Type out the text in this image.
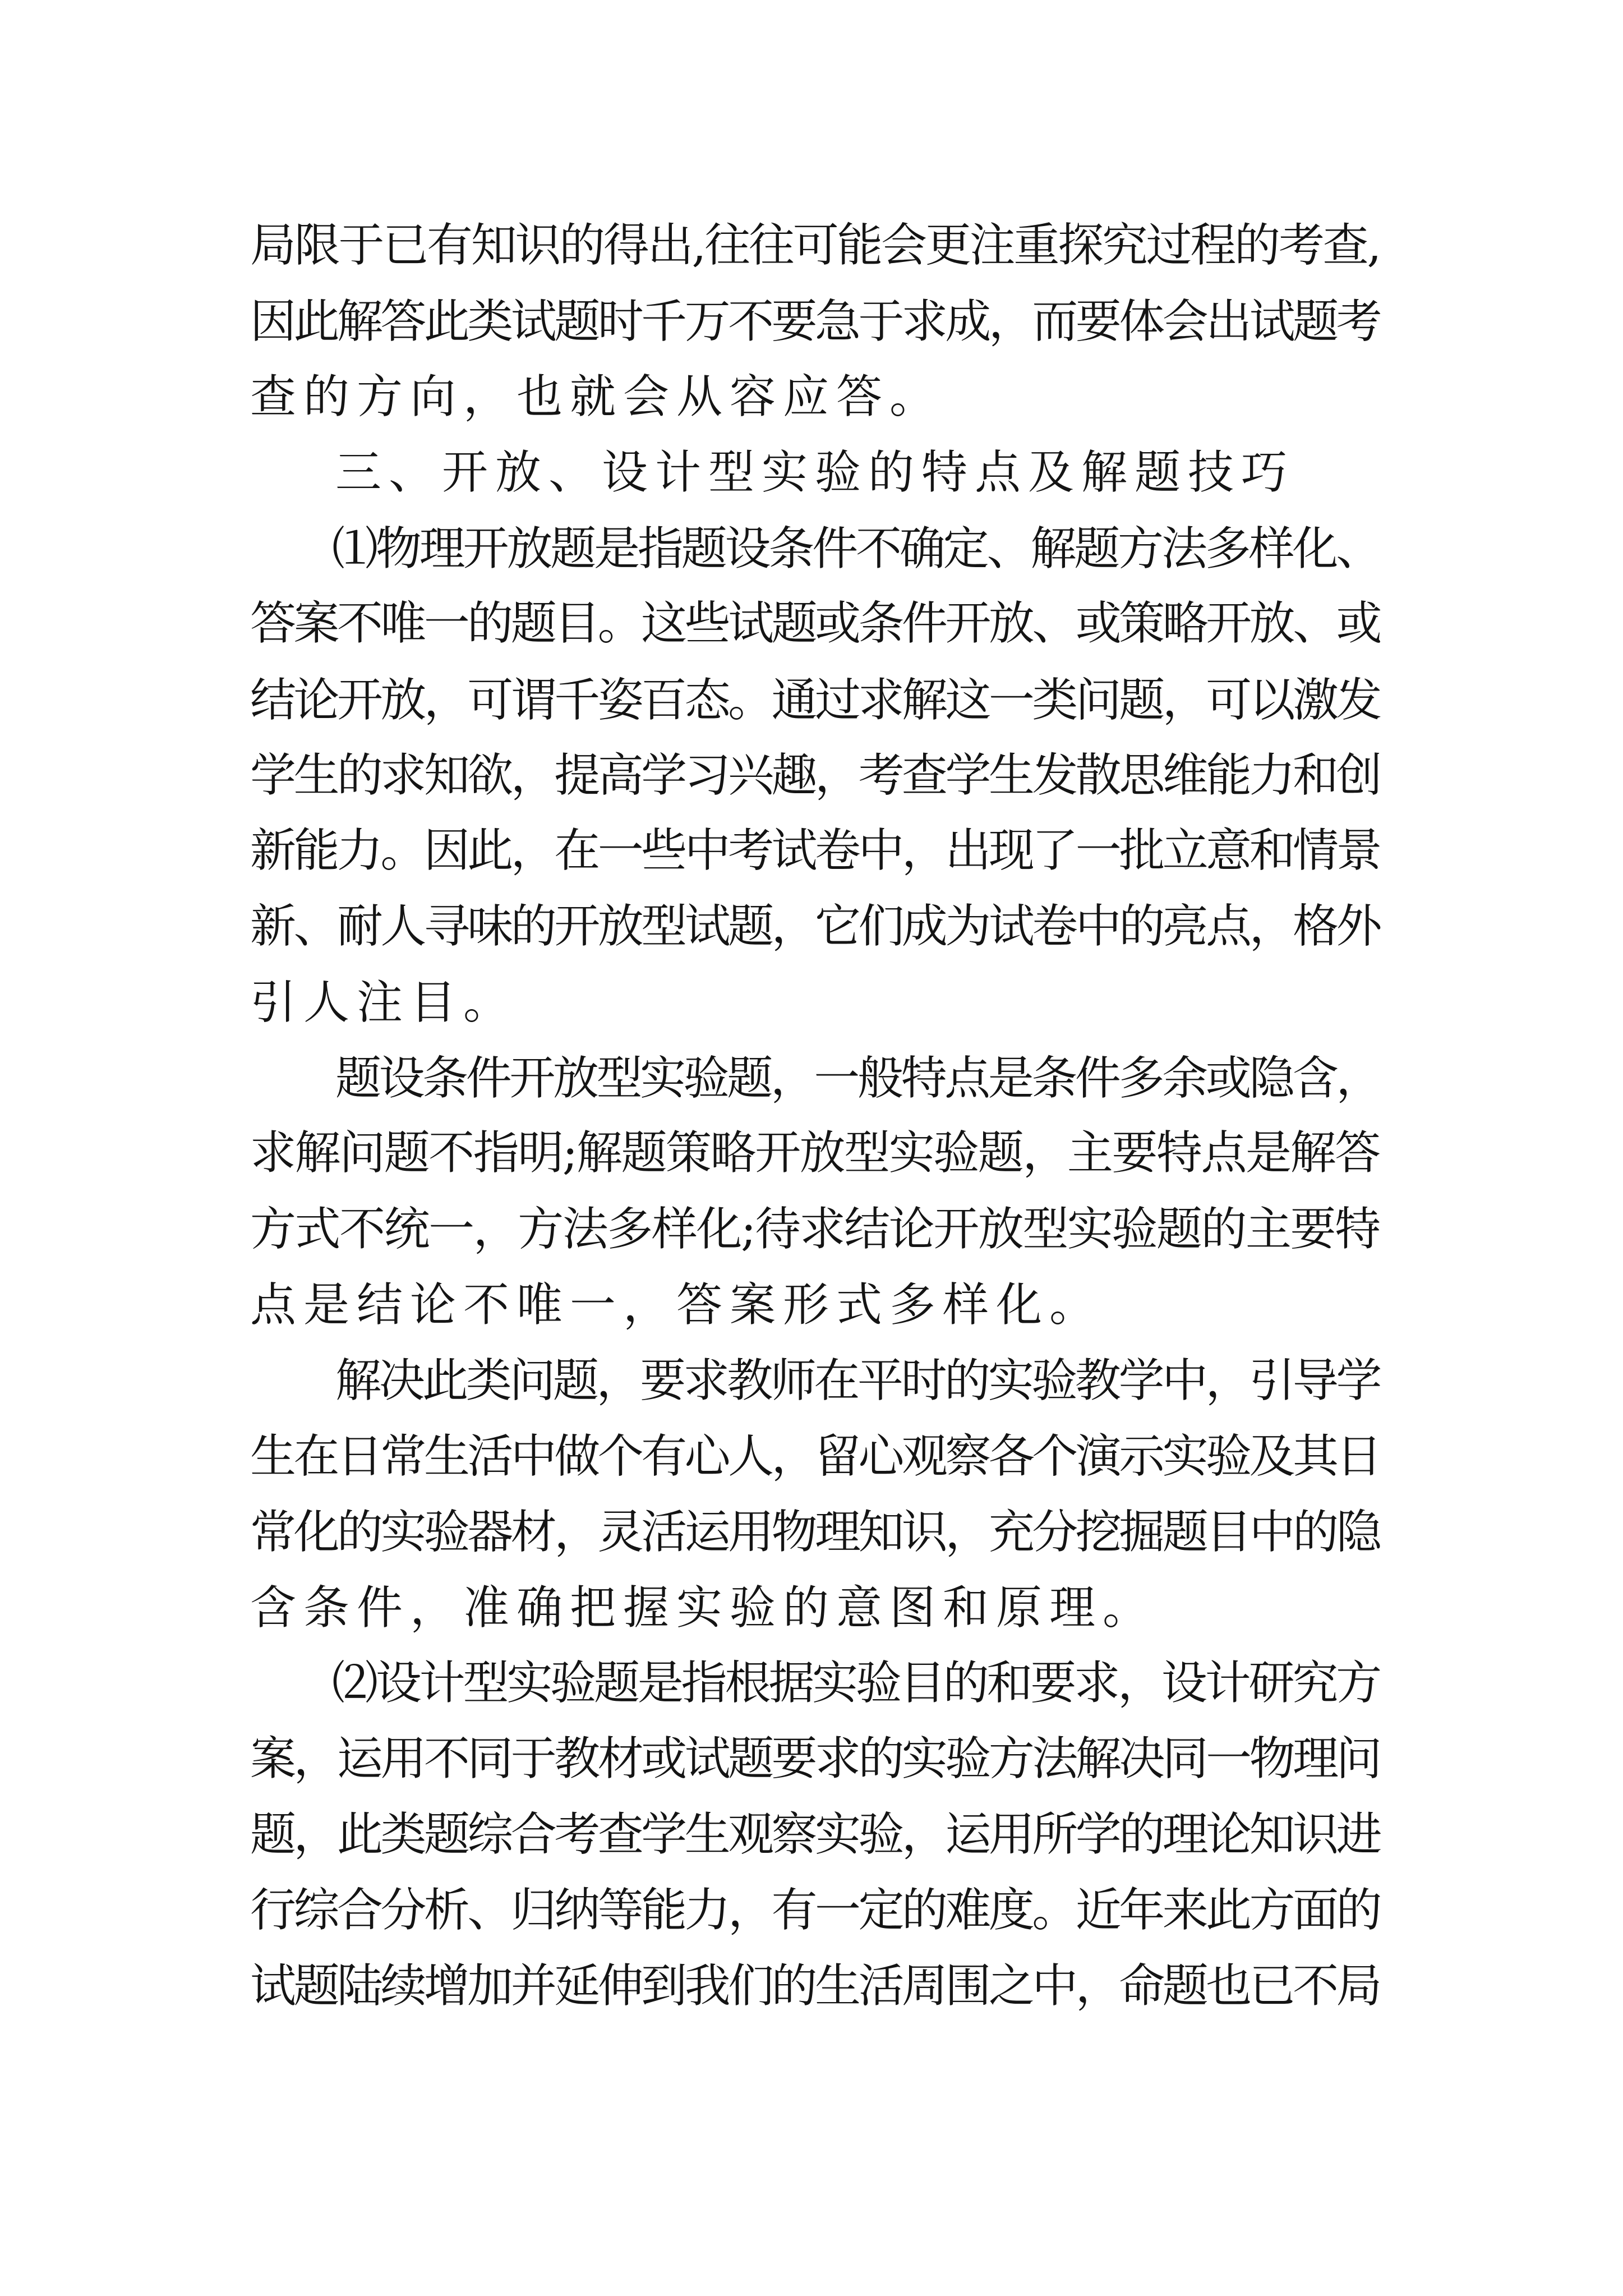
局限于已有知识的得出,往往可能会更注重探究过程的考查,
因此解答此类试题时千万不要急于求成，而要体会出试题考
查的方向，也就会从容应答。
三、开放、设计型实验的特点及解题技巧
⑴物理开放题是指题设条件不确定、解题方法多样化、
答案不唯一的题目。这些试题或条件开放、或策略开放、或
结论开放，可谓千姿百态。通过求解这一类问题，可以激发
学生的求知欲，提高学习兴趣，考查学生发散思维能力和创
新能力。因此，在一些中考试卷中，出现了一批立意和情景
新、耐人寻味的开放型试题，它们成为试卷中的亮点，格外
引人注目。
题设条件开放型实验题，一般特点是条件多余或隐含，
求解问题不指明;解题策略开放型实验题，主要特点是解答
方式不统一，方法多样化;待求结论开放型实验题的主要特
点是结论不唯一，答案形式多样化。
解决此类问题，要求教师在平时的实验教学中，引导学
生在日常生活中做个有心人，留心观察各个演示实验及其日
常化的实验器材，灵活运用物理知识，充分挖掘题目中的隐
含条件，准确把握实验的意图和原理。
⑵设计型实验题是指根据实验目的和要求，设计研究方
案，运用不同于教材或试题要求的实验方法解决同一物理问
题，此类题综合考查学生观察实验，运用所学的理论知识进
行综合分析、归纳等能力，有一定的难度。近年来此方面的
试题陆续增加并延伸到我们的生活周围之中，命题也已不局
